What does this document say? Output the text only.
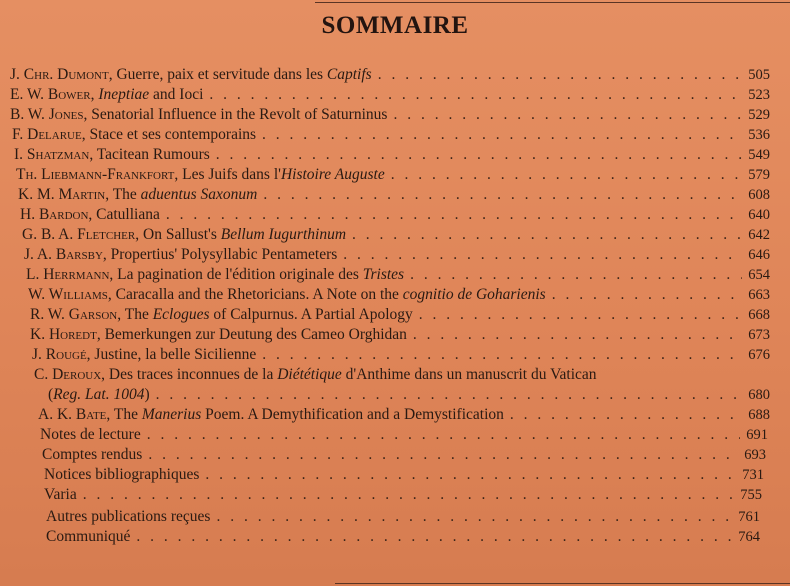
SOMMAIRE
J. Chr. Dumont, Guerre, paix et servitude dans les Captifs . . .	505
E. W. Bower, Ineptiae and Ioci . . .	523
B. W. Jones, Senatorial Influence in the Revolt of Saturninus . . .	529
F. Delarue, Stace et ses contemporains . . .	536
I. Shatzman, Tacitean Rumours . . .	549
Th. Liebmann-Frankfort, Les Juifs dans l'Histoire Auguste . . .	579
K. M. Martin, The aduentus Saxonum . . .	608
H. Bardon, Catulliana . . .	640
G. B. A. Fletcher, On Sallust's Bellum Iugurthinum . . .	642
J. A. Barsby, Propertius' Polysyllabic Pentameters . . .	646
L. Herrmann, La pagination de l'édition originale des Tristes . . .	654
W. Williams, Caracalla and the Rhetoricians. A Note on the cognitio de Goharienis . . .	663
R. W. Garson, The Eclogues of Calpurnus. A Partial Apology . . .	668
K. Horedt, Bemerkungen zur Deutung des Cameo Orghidan . . .	673
J. Rougé, Justine, la belle Sicilienne . . .	676
C. Deroux, Des traces inconnues de la Diététique d'Anthime dans un manuscrit du Vatican
(Reg. Lat. 1004) . . .	680
A. K. Bate, The Manerius Poem. A Demythification and a Demystification . . .	688
Notes de lecture . . .	691
Comptes rendus . . .	693
Notices bibliographiques . . .	731
Varia . . .	755
Autres publications reçues . . .	761
Communiqué . . .	764
